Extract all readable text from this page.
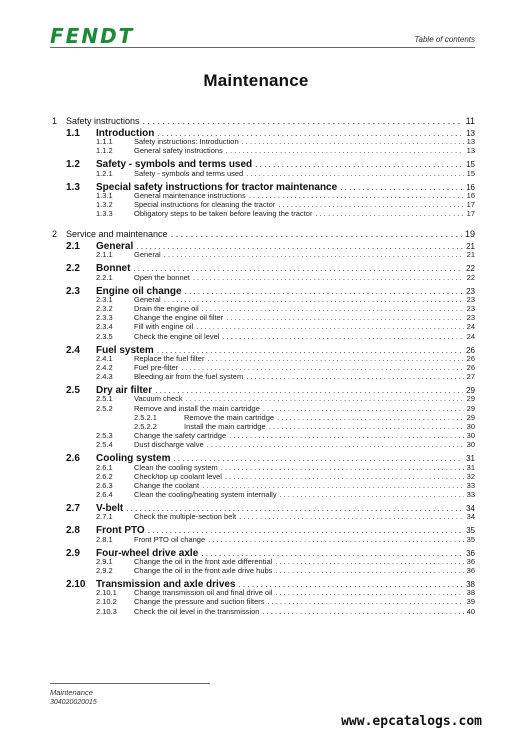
FENDT	Table of contents
Maintenance
1 Safety instructions . . .	11
1.1 Introduction . . .	13
1.1.1	Safety instructions: Introduction . . .	13
1.1.2	General safety instructions . . .	13
1.2 Safety - symbols and terms used . . .	15
1.2.1	Safety - symbols and terms used . . .	15
1.3 Special safety instructions for tractor maintenance . . .	16
1.3.1	General maintenance instructions . . .	16
1.3.2	Special instructions for cleaning the tractor . . .	17
1.3.3	Obligatory steps to be taken before leaving the tractor . . .	17
2 Service and maintenance . . .	19
2.1 General . . .	21
2.1.1	General . . .	21
2.2 Bonnet . . .	22
2.2.1	Open the bonnet . . .	22
2.3 Engine oil change . . .	23
2.3.1	General . . .	23
2.3.2	Drain the engine oil . . .	23
2.3.3	Change the engine oil filter . . .	23
2.3.4	Fill with engine oil . . .	24
2.3.5	Check the engine oil level . . .	24
2.4 Fuel system . . .	26
2.4.1	Replace the fuel filter . . .	26
2.4.2	Fuel pre-filter . . .	26
2.4.3	Bleeding air from the fuel system . . .	27
2.5 Dry air filter . . .	29
2.5.1	Vacuum check . . .	29
2.5.2	Remove and install the main cartridge . . .	29
2.5.2.1	Remove the main cartridge . . .	29
2.5.2.2	Install the main cartridge . . .	30
2.5.3	Change the safety cartridge . . .	30
2.5.4	Dust discharge valve . . .	30
2.6 Cooling system . . .	31
2.6.1	Clean the cooling system . . .	31
2.6.2	Check/top up coolant level . . .	32
2.6.3	Change the coolant . . .	33
2.6.4	Clean the cooling/heating system internally . . .	33
2.7 V-belt . . .	34
2.7.1	Check the multiple-section belt . . .	34
2.8 Front PTO . . .	35
2.8.1	Front PTO oil change . . .	35
2.9 Four-wheel drive axle . . .	36
2.9.1	Change the oil in the front axle differential . . .	36
2.9.2	Change the oil in the front axle drive hubs . . .	36
2.10 Transmission and axle drives . . .	38
2.10.1 Change transmission oil and final drive oil . . .	38
2.10.2 Change the pressure and suction filters . . .	39
2.10.3 Check the oil level in the transmission . . .	40
Maintenance
304020020015
www.epcatalogs.com
